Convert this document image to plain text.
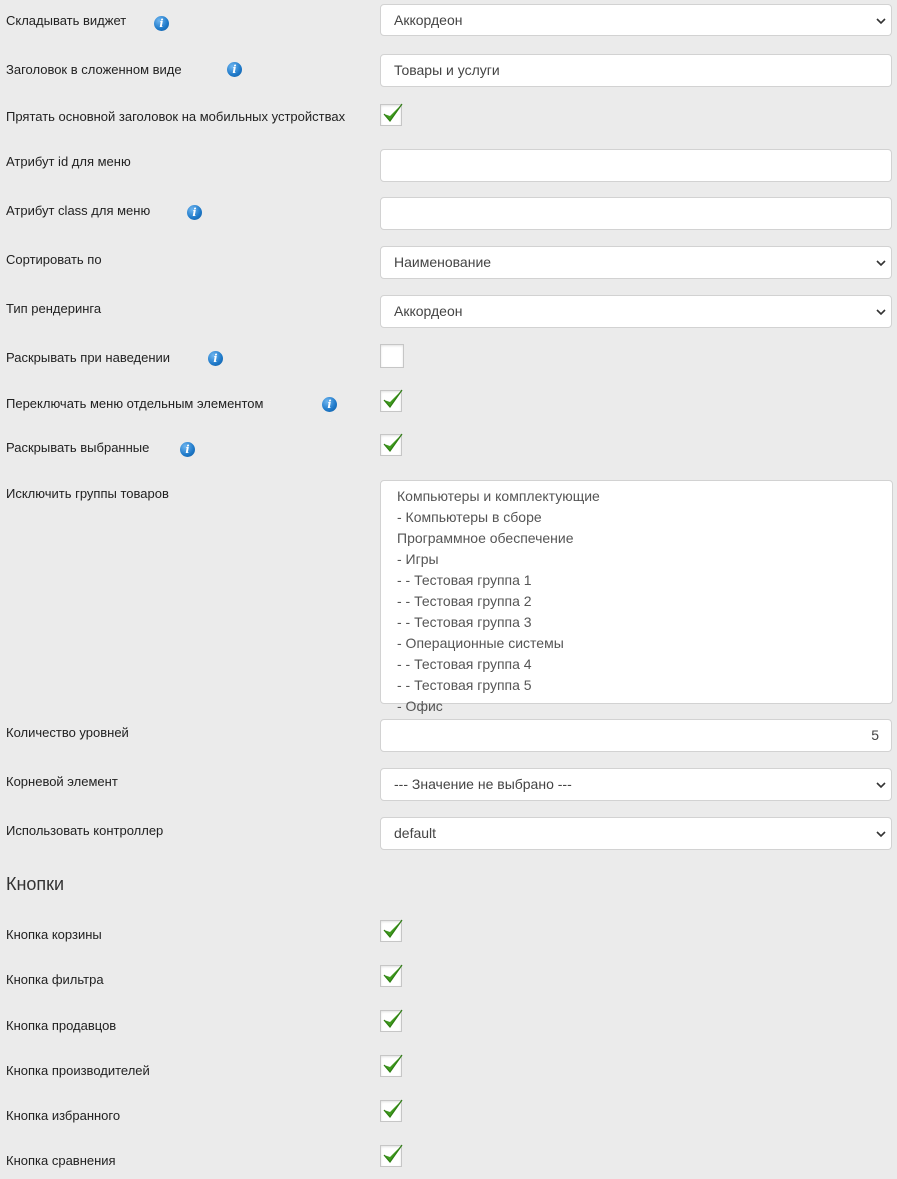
Складывать виджет	i	Аккордеон
Заголовок в сложенном виде	i	Товары и услуги
Прятать основной заголовок на мобильных устройствах
Атрибут id для меню
Атрибут class для меню	i
Сортировать по	Наименование
Тип рендеринга	Аккордеон
Раскрывать при наведении	i
Переключать меню отдельным элементом	i
Раскрывать выбранные	i
Исключить группы товаров	Компьютеры и комплектующие
- Компьютеры в сборе
Программное обеспечение
- Игры
- - Тестовая группа 1
- - Тестовая группа 2
- - Тестовая группа 3
- Операционные системы
- - Тестовая группа 4
- - Тестовая группа 5
- Офис
Количество уровней	5
Корневой элемент	--- Значение не выбрано ---
Использовать контроллер	default
Кнопки
Кнопка корзины
Кнопка фильтра
Кнопка продавцов
Кнопка производителей
Кнопка избранного
Кнопка сравнения
